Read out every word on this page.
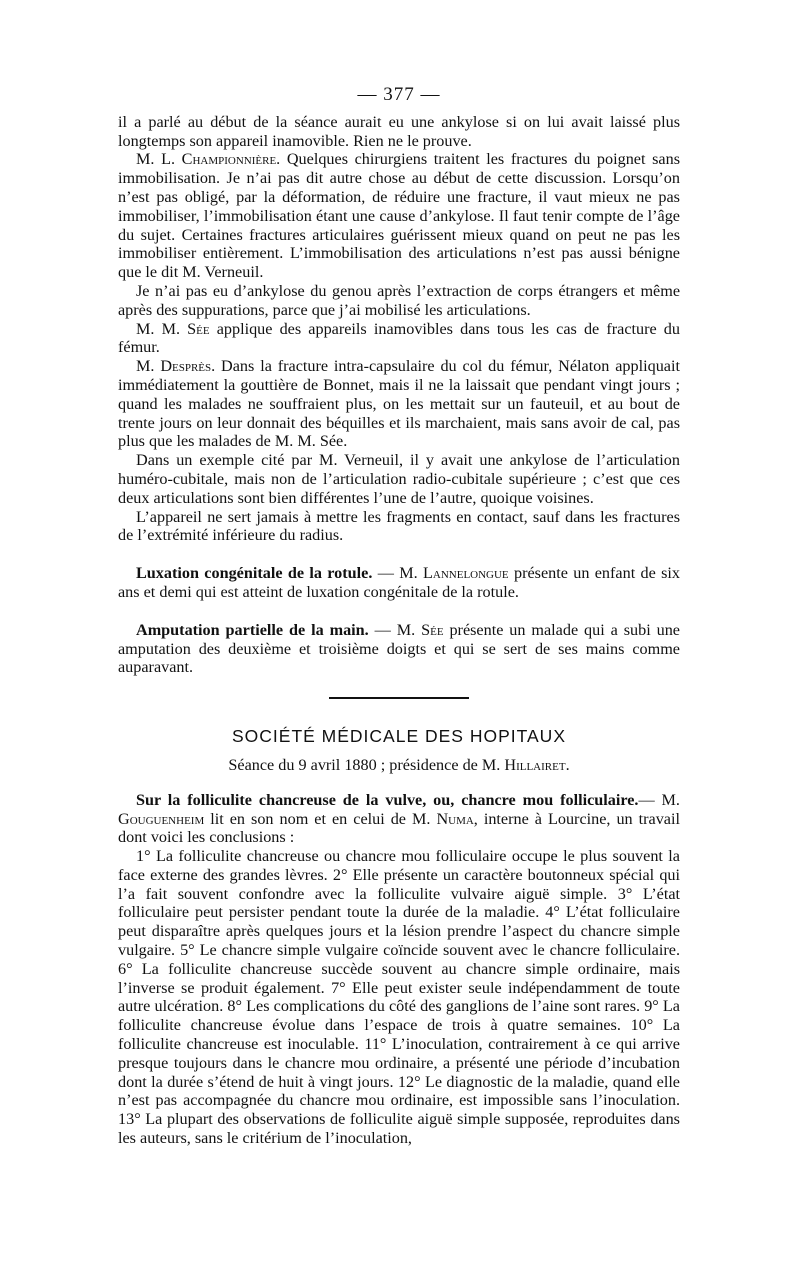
— 377 —

il a parlé au début de la séance aurait eu une ankylose si on lui avait laissé plus longtemps son appareil inamovible. Rien ne le prouve.

M. L. Championnière. Quelques chirurgiens traitent les fractures du poignet sans immobilisation. Je n’ai pas dit autre chose au début de cette discussion. Lorsqu’on n’est pas obligé, par la déformation, de réduire une fracture, il vaut mieux ne pas immobiliser, l’immobilisation étant une cause d’ankylose. Il faut tenir compte de l’âge du sujet. Certaines fractures articulaires guérissent mieux quand on peut ne pas les immobiliser entièrement. L’immobilisation des articulations n’est pas aussi bénigne que le dit M. Verneuil.

Je n’ai pas eu d’ankylose du genou après l’extraction de corps étrangers et même après des suppurations, parce que j’ai mobilisé les articulations.

M. M. Sée applique des appareils inamovibles dans tous les cas de fracture du fémur.

M. Desprès. Dans la fracture intra-capsulaire du col du fémur, Nélaton appliquait immédiatement la gouttière de Bonnet, mais il ne la laissait que pendant vingt jours ; quand les malades ne souffraient plus, on les mettait sur un fauteuil, et au bout de trente jours on leur donnait des béquilles et ils marchaient, mais sans avoir de cal, pas plus que les malades de M. M. Sée.

Dans un exemple cité par M. Verneuil, il y avait une ankylose de l’articulation huméro-cubitale, mais non de l’articulation radio-cubitale supérieure ; c’est que ces deux articulations sont bien différentes l’une de l’autre, quoique voisines.

L’appareil ne sert jamais à mettre les fragments en contact, sauf dans les fractures de l’extrémité inférieure du radius.

Luxation congénitale de la rotule. — M. Lannelongue présente un enfant de six ans et demi qui est atteint de luxation congénitale de la rotule.

Amputation partielle de la main. — M. Sée présente un malade qui a subi une amputation des deuxième et troisième doigts et qui se sert de ses mains comme auparavant.

SOCIÉTÉ MÉDICALE DES HOPITAUX
Séance du 9 avril 1880 ; présidence de M. Hillairet.

Sur la folliculite chancreuse de la vulve, ou, chancre mou folliculaire.— M. Gouguenheim lit en son nom et en celui de M. Numa, interne à Lourcine, un travail dont voici les conclusions :

1° La folliculite chancreuse ou chancre mou folliculaire occupe le plus souvent la face externe des grandes lèvres. 2° Elle présente un caractère boutonneux spécial qui l’a fait souvent confondre avec la folliculite vulvaire aiguë simple. 3° L’état folliculaire peut persister pendant toute la durée de la maladie. 4° L’état folliculaire peut disparaître après quelques jours et la lésion prendre l’aspect du chancre simple vulgaire. 5° Le chancre simple vulgaire coïncide souvent avec le chancre folliculaire. 6° La folliculite chancreuse succède souvent au chancre simple ordinaire, mais l’inverse se produit également. 7° Elle peut exister seule indépendamment de toute autre ulcération. 8° Les complications du côté des ganglions de l’aine sont rares. 9° La folliculite chancreuse évolue dans l’espace de trois à quatre semaines. 10° La folliculite chancreuse est inoculable. 11° L’inoculation, contrairement à ce qui arrive presque toujours dans le chancre mou ordinaire, a présenté une période d’incubation dont la durée s’étend de huit à vingt jours. 12° Le diagnostic de la maladie, quand elle n’est pas accompagnée du chancre mou ordinaire, est impossible sans l’inoculation. 13° La plupart des observations de folliculite aiguë simple supposée, reproduites dans les auteurs, sans le critérium de l’inoculation,
